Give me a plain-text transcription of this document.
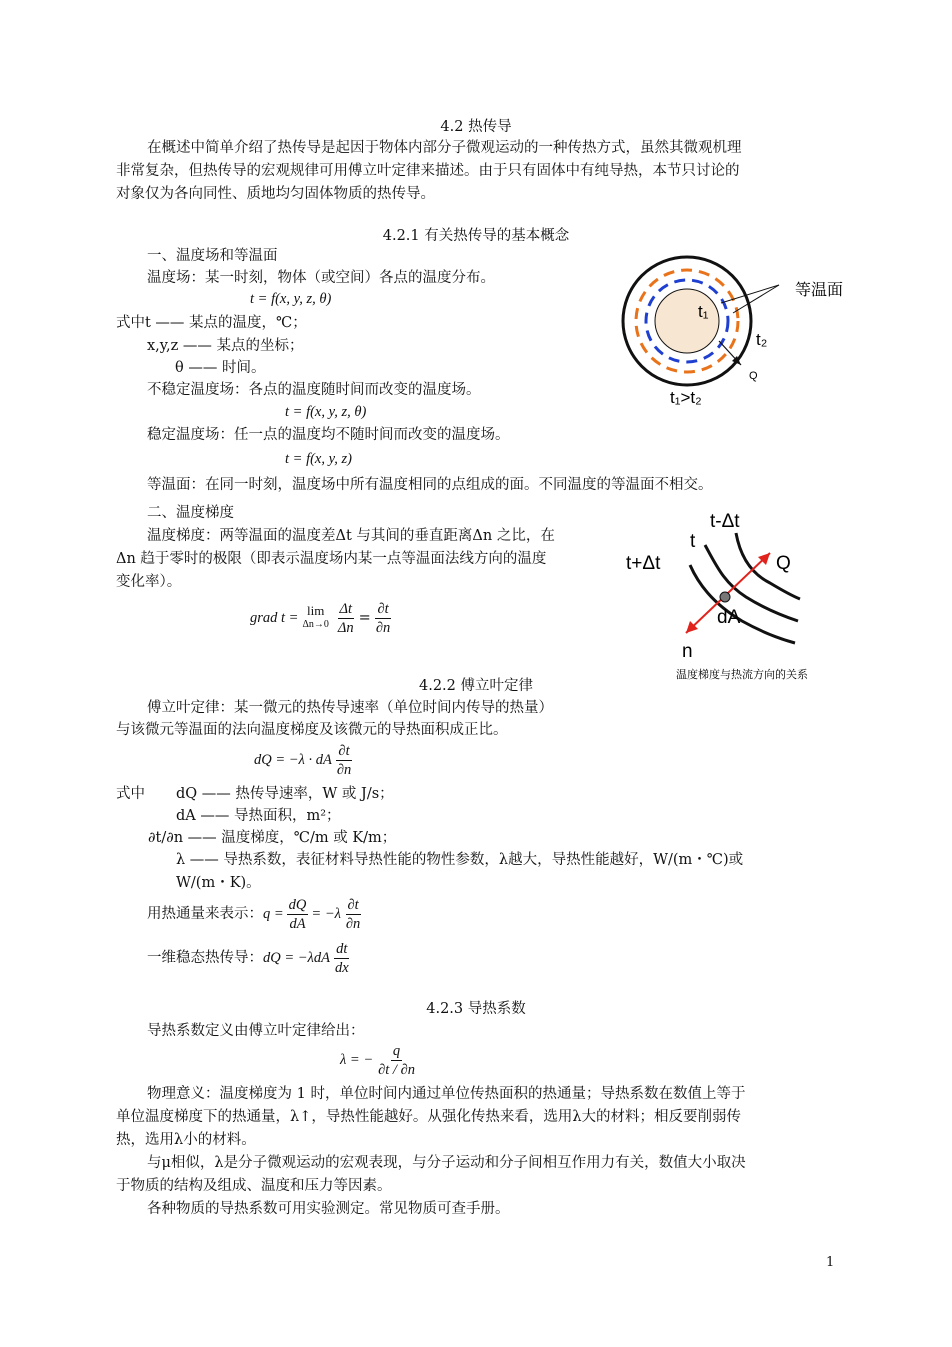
4.2 热传导
在概述中简单介绍了热传导是起因于物体内部分子微观运动的一种传热方式，虽然其微观机理
非常复杂，但热传导的宏观规律可用傅立叶定律来描述。由于只有固体中有纯导热，本节只讨论的
对象仅为各向同性、质地均匀固体物质的热传导。
4.2.1 有关热传导的基本概念
一、温度场和等温面
温度场：某一时刻，物体（或空间）各点的温度分布。
t = f(x, y, z, θ)
式中t —— 某点的温度，℃；
x,y,z —— 某点的坐标；
θ —— 时间。
不稳定温度场：各点的温度随时间而改变的温度场。
t = f(x, y, z, θ)
稳定温度场：任一点的温度均不随时间而改变的温度场。
t = f(x, y, z)
等温面：在同一时刻，温度场中所有温度相同的点组成的面。不同温度的等温面不相交。
二、温度梯度
温度梯度：两等温面的温度差Δt 与其间的垂直距离Δn 之比，在
Δn 趋于零时的极限（即表示温度场内某一点等温面法线方向的温度
变化率）。
grad t = lim
$\Delta n\to 0 \frac{\Delta t}{\Delta n} = \frac{\partial t}{\partial n}$
等温面
t₁
t₂
Q
t₁>t₂
t-Δt
t
t+Δt	Q
dA
n
温度梯度与热流方向的关系
4.2.2 傅立叶定律
傅立叶定律：某一微元的热传导速率（单位时间内传导的热量）
与该微元等温面的法向温度梯度及该微元的导热面积成正比。
dQ = −λ · dA $\frac{\partial t}{\partial n}$
式中 dQ —— 热传导速率，W 或 J/s；
dA —— 导热面积，m²；
∂t/∂n —— 温度梯度，℃/m 或 K/m；
λ —— 导热系数，表征材料导热性能的物性参数，λ越大，导热性能越好，W/(m・℃)或
W/(m・K)。
用热通量来表示： $q = \frac{dQ}{dA} = -\lambda \frac{\partial t}{\partial n}$
一维稳态热传导： dQ = $-\lambda dA \frac{dt}{dx}$
4.2.3 导热系数
导热系数定义由傅立叶定律给出：
λ = − $\frac{q}{\partial t / \partial n}$
物理意义：温度梯度为 1 时，单位时间内通过单位传热面积的热通量；导热系数在数值上等于
单位温度梯度下的热通量，λ↑，导热性能越好。从强化传热来看，选用λ大的材料；相反要削弱传
热，选用λ小的材料。
与μ相似，λ是分子微观运动的宏观表现，与分子运动和分子间相互作用力有关，数值大小取决
于物质的结构及组成、温度和压力等因素。
各种物质的导热系数可用实验测定。常见物质可查手册。
1
